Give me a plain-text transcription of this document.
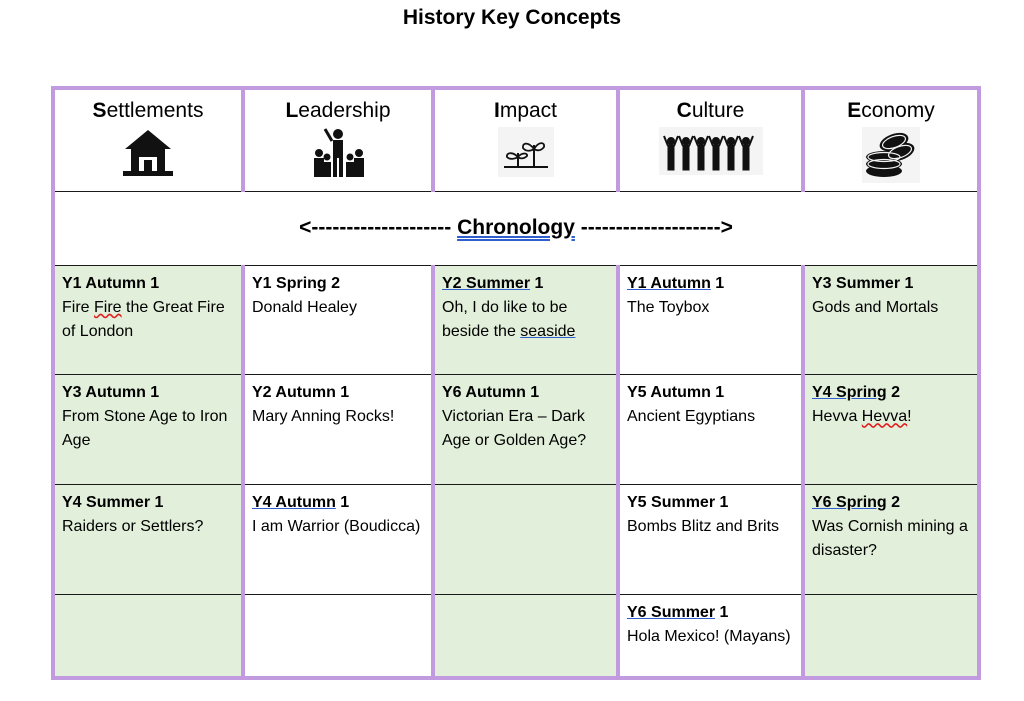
History Key Concepts
Settlements	Leadership	Impact	Culture	Economy

<-------------------- Chronology -------------------->				

Y1 Autumn 1
Fire Fire the Great Fire of London	Y1 Spring 2
Donald Healey	Y2 Summer 1
Oh, I do like to be beside the seaside	Y1 Autumn 1
The Toybox	Y3 Summer 1
Gods and Mortals

Y3 Autumn 1
From Stone Age to Iron Age	Y2 Autumn 1
Mary Anning Rocks!	Y6 Autumn 1
Victorian Era – Dark Age or Golden Age?	Y5 Autumn 1
Ancient Egyptians	Y4 Spring 2
Hevva Hevva!

Y4 Summer 1
Raiders or Settlers?	Y4 Autumn 1
I am Warrior (Boudicca)		Y5 Summer 1
Bombs Blitz and Brits	Y6 Spring 2
Was Cornish mining a disaster?

			Y6 Summer 1
Hola Mexico! (Mayans)	
